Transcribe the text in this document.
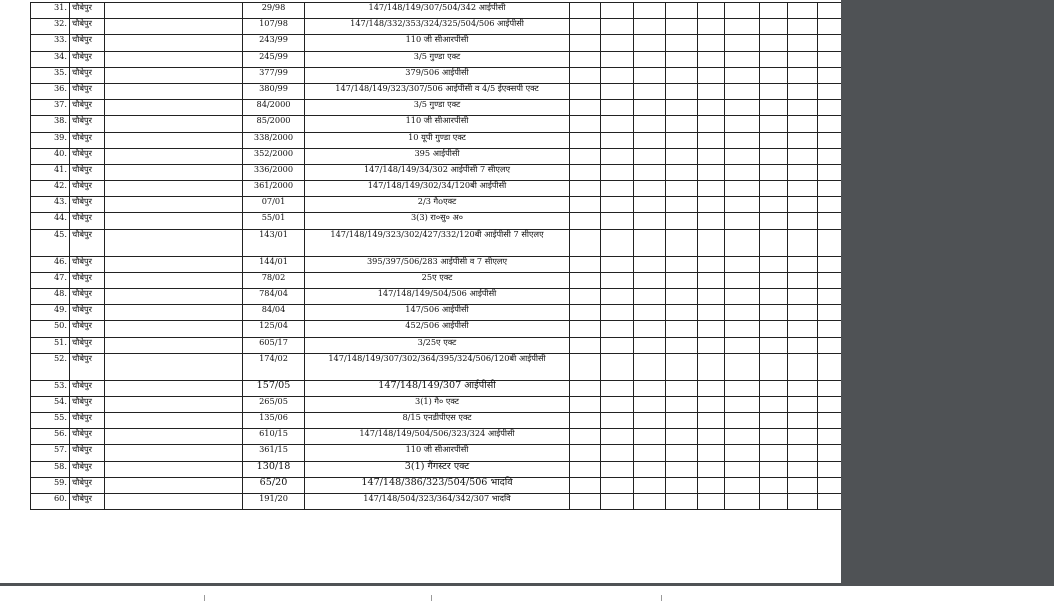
31.	चौबेपुर		29/98	147/148/149/307/504/342 आईपीसी									
32.	चौबेपुर		107/98	147/148/332/353/324/325/504/506 आईपीसी									
33.	चौबेपुर		243/99	110 जी सीआरपीसी									
34.	चौबेपुर		245/99	3/5 गुण्डा एक्ट									
35.	चौबेपुर		377/99	379/506 आईपीसी									
36.	चौबेपुर		380/99	147/148/149/323/307/506 आईपीसी व 4/5 ईएक्सपी एक्ट									
37.	चौबेपुर		84/2000	3/5 गुण्डा एक्ट									
38.	चौबेपुर		85/2000	110 जी सीआरपीसी									
39.	चौबेपुर		338/2000	10 यूपी गुण्डा एक्ट									
40.	चौबेपुर		352/2000	395 आईपीसी									
41.	चौबेपुर		336/2000	147/148/149/34/302 आईपीसी 7 सीएलए									
42.	चौबेपुर		361/2000	147/148/149/302/34/120बी आईपीसी									
43.	चौबेपुर		07/01	2/3 गैoएक्ट									
44.	चौबेपुर		55/01	3(3) रा०सु० अ०									
45.	चौबेपुर		143/01	147/148/149/323/302/427/332/120बी आईपीसी 7 सीएलए									
46.	चौबेपुर		144/01	395/397/506/283 आईपीसी व 7 सीएलए									
47.	चौबेपुर		78/02	25ए एक्ट									
48.	चौबेपुर		784/04	147/148/149/504/506 आईपीसी									
49.	चौबेपुर		84/04	147/506 आईपीसी									
50.	चौबेपुर		125/04	452/506 आईपीसी									
51.	चौबेपुर		605/17	3/25ए एक्ट									
52.	चौबेपुर		174/02	147/148/149/307/302/364/395/324/506/120बी आईपीसी									
53.	चौबेपुर		157/05	147/148/149/307 आईपीसी									
54.	चौबेपुर		265/05	3(1) गै० एक्ट									
55.	चौबेपुर		135/06	8/15 एनडीपीएस एक्ट									
56.	चौबेपुर		610/15	147/148/149/504/506/323/324 आईपीसी									
57.	चौबेपुर		361/15	110 जी सीआरपीसी									
58.	चौबेपुर		130/18	3(1) गैंगस्टर एक्ट									
59.	चौबेपुर		65/20	147/148/386/323/504/506 भादवि									
60.	चौबेपुर		191/20	147/148/504/323/364/342/307 भादवि									
